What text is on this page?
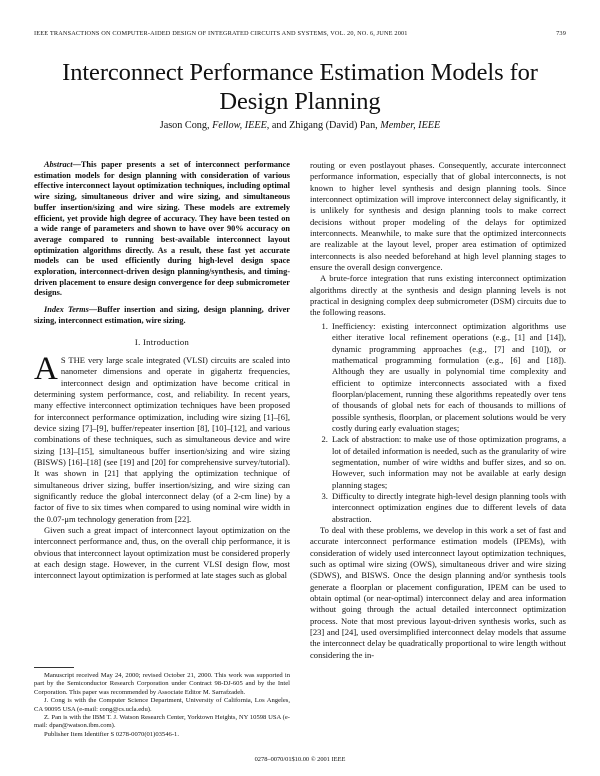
IEEE TRANSACTIONS ON COMPUTER-AIDED DESIGN OF INTEGRATED CIRCUITS AND SYSTEMS, VOL. 20, NO. 6, JUNE 2001	739
Interconnect Performance Estimation Models for Design Planning
Jason Cong, Fellow, IEEE, and Zhigang (David) Pan, Member, IEEE

Abstract—This paper presents a set of interconnect performance estimation models for design planning with consideration of various effective interconnect layout optimization techniques, including optimal wire sizing, simultaneous driver and wire sizing, and simultaneous buffer insertion/sizing and wire sizing. These models are extremely efficient, yet provide high degree of accuracy. They have been tested on a wide range of parameters and shown to have over 90% accuracy on average compared to running best-available interconnect layout optimization algorithms directly. As a result, these fast yet accurate models can be used efficiently during high-level design space exploration, interconnect-driven design planning/synthesis, and timing-driven placement to ensure design convergence for deep submicrometer designs.

Index Terms—Buffer insertion and sizing, design planning, driver sizing, interconnect estimation, wire sizing.

I. Introduction

A S THE very large scale integrated (VLSI) circuits are scaled into nanometer dimensions and operate in gigahertz frequencies, interconnect design and optimization have become critical in determining system performance, cost, and reliability. In recent years, many effective interconnect optimization techniques have been proposed for interconnect performance optimization, including wire sizing [1]–[6], device sizing [7]–[9], buffer/repeater insertion [8], [10]–[12], and various combinations of these techniques, such as simultaneous device and wire sizing [13]–[15], simultaneous buffer insertion/sizing and wire sizing (BISWS) [16]–[18] (see [19] and [20] for comprehensive survey/tutorial). It was shown in [21] that applying the optimization technique of simultaneous driver sizing, buffer insertion/sizing, and wire sizing can significantly reduce the global interconnect delay (of a 2-cm line) by a factor of five to six times when compared to using nominal wire width in the 0.07-μm technology generation from [22].

Given such a great impact of interconnect layout optimization on the interconnect performance and, thus, on the overall chip performance, it is obvious that interconnect layout optimization must be considered properly at each design stage. However, in the current VLSI design flow, most interconnect layout optimization is performed at late stages such as global

Manuscript received May 24, 2000; revised October 21, 2000. This work was supported in part by the Semiconductor Research Corporation under Contract 98-DJ-605 and by the Intel Corporation. This paper was recommended by Associate Editor M. Sarrafzadeh.

J. Cong is with the Computer Science Department, University of California, Los Angeles, CA 90095 USA (e-mail: cong@cs.ucla.edu).

Z. Pan is with the IBM T. J. Watson Research Center, Yorktown Heights, NY 10598 USA (e-mail: dpan@watson.ibm.com).

Publisher Item Identifier S 0278-0070(01)03546-1.

routing or even postlayout phases. Consequently, accurate interconnect performance information, especially that of global interconnects, is not known to higher level synthesis and design planning tools. Since interconnect optimization will improve interconnect delay significantly, it is unlikely for synthesis and design planning tools to make correct decisions without proper modeling of the delays for optimized interconnects. Meanwhile, to make sure that the optimized interconnects are realizable at the layout level, proper area estimation of optimized interconnects is also needed beforehand at high level planning stages to ensure the overall design convergence.

A brute-force integration that runs existing interconnect optimization algorithms directly at the synthesis and design planning levels is not practical in designing complex deep submicrometer (DSM) circuits due to the following reasons.

1. Inefficiency: existing interconnect optimization algorithms use either iterative local refinement operations (e.g., [1] and [14]), dynamic programming approaches (e.g., [7] and [10]), or mathematical programming formulation (e.g., [6] and [18]). Although they are usually in polynomial time complexity and efficient to optimize interconnects associated with a fixed floorplan/placement, running these algorithms repeatedly over tens of thousands of global nets for each of thousands to millions of possible synthesis, floorplan, or placement solutions would be very costly during early evaluation stages;
2. Lack of abstraction: to make use of those optimization programs, a lot of detailed information is needed, such as the granularity of wire segmentation, number of wire widths and buffer sizes, and so on. However, such information may not be available at early design planning stages;
3. Difficulty to directly integrate high-level design planning tools with interconnect optimization engines due to different levels of data abstraction.

To deal with these problems, we develop in this work a set of fast and accurate interconnect performance estimation models (IPEMs), with consideration of widely used interconnect layout optimization techniques, such as optimal wire sizing (OWS), simultaneous driver and wire sizing (SDWS), and BISWS. Once the design planning and/or synthesis tools generate a floorplan or placement configuration, IPEM can be used to obtain optimal (or near-optimal) interconnect delay and area information without going through the actual detailed interconnect optimization process. Note that most previous layout-driven synthesis works, such as [23] and [24], used oversimplified interconnect delay models that assume the interconnect delay be quadratically proportional to wire length without considering the in-

0278–0070/01$10.00 © 2001 IEEE
